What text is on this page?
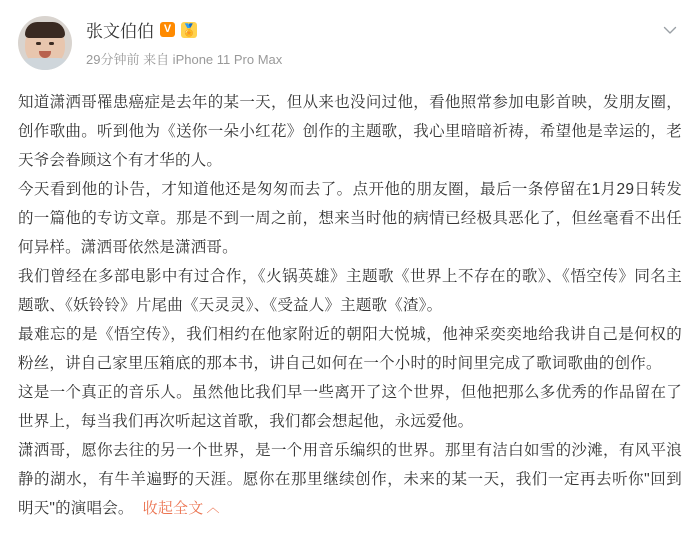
张文伯伯 V 🏅
29分钟前 来自 iPhone 11 Pro Max

知道潇洒哥罹患癌症是去年的某一天，但从来也没问过他，看他照常参加电影首映，发朋友圈，创作歌曲。听到他为《送你一朵小红花》创作的主题歌，我心里暗暗祈祷，希望他是幸运的，老天爷会眷顾这个有才华的人。

今天看到他的讣告，才知道他还是匆匆而去了。点开他的朋友圈，最后一条停留在1月29日转发的一篇他的专访文章。那是不到一周之前，想来当时他的病情已经极具恶化了，但丝毫看不出任何异样。潇洒哥依然是潇洒哥。

我们曾经在多部电影中有过合作，《火锅英雄》主题歌《世界上不存在的歌》、《悟空传》同名主题歌、《妖铃铃》片尾曲《天灵灵》、《受益人》主题歌《渣》。

最难忘的是《悟空传》，我们相约在他家附近的朝阳大悦城，他神采奕奕地给我讲自己是何权的粉丝，讲自己家里压箱底的那本书，讲自己如何在一个小时的时间里完成了歌词歌曲的创作。

这是一个真正的音乐人。虽然他比我们早一些离开了这个世界，但他把那么多优秀的作品留在了世界上，每当我们再次听起这首歌，我们都会想起他，永远爱他。

潇洒哥，愿你去往的另一个世界，是一个用音乐编织的世界。那里有洁白如雪的沙滩，有风平浪静的湖水，有牛羊遍野的天涯。愿你在那里继续创作，未来的某一天，我们一定再去听你"回到明天"的演唱会。 收起全文 ︿
